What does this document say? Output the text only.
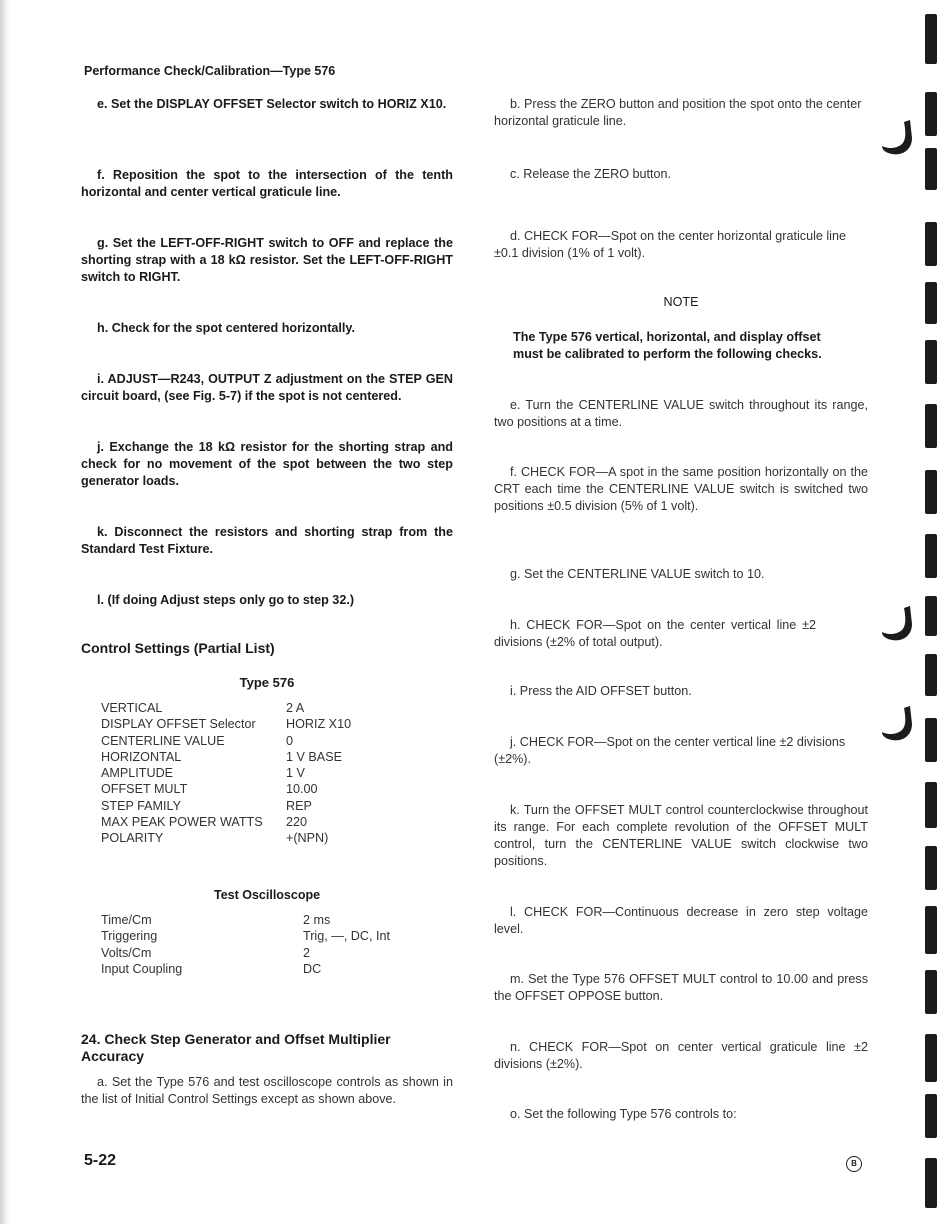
Performance Check/Calibration—Type 576

e. Set the DISPLAY OFFSET Selector switch to HORIZ X10.

f. Reposition the spot to the intersection of the tenth horizontal and center vertical graticule line.

g. Set the LEFT-OFF-RIGHT switch to OFF and replace the shorting strap with a 18 kΩ resistor. Set the LEFT-OFF-RIGHT switch to RIGHT.

h. Check for the spot centered horizontally.

i. ADJUST—R243, OUTPUT Z adjustment on the STEP GEN circuit board, (see Fig. 5-7) if the spot is not centered.

j. Exchange the 18 kΩ resistor for the shorting strap and check for no movement of the spot between the two step generator loads.

k. Disconnect the resistors and shorting strap from the Standard Test Fixture.

l. (If doing Adjust steps only go to step 32.)

Control Settings (Partial List)

Type 576

VERTICAL	2 A
DISPLAY OFFSET Selector	HORIZ X10
CENTERLINE VALUE	0
HORIZONTAL	1 V BASE
AMPLITUDE	1 V
OFFSET MULT	10.00
STEP FAMILY	REP
MAX PEAK POWER WATTS	220
POLARITY	+(NPN)

Test Oscilloscope

Time/Cm	2 ms
Triggering	Trig, —, DC, Int
Volts/Cm	2
Input Coupling	DC

24. Check Step Generator and Offset Multiplier Accuracy

a. Set the Type 576 and test oscilloscope controls as shown in the list of Initial Control Settings except as shown above.

b. Press the ZERO button and position the spot onto the center horizontal graticule line.

c. Release the ZERO button.

d. CHECK FOR—Spot on the center horizontal graticule line ±0.1 division (1% of 1 volt).

NOTE

The Type 576 vertical, horizontal, and display offset must be calibrated to perform the following checks.

e. Turn the CENTERLINE VALUE switch throughout its range, two positions at a time.

f. CHECK FOR—A spot in the same position horizontally on the CRT each time the CENTERLINE VALUE switch is switched two positions ±0.5 division (5% of 1 volt).

g. Set the CENTERLINE VALUE switch to 10.

h. CHECK FOR—Spot on the center vertical line ±2 divisions (±2% of total output).

i. Press the AID OFFSET button.

j. CHECK FOR—Spot on the center vertical line ±2 divisions (±2%).

k. Turn the OFFSET MULT control counterclockwise throughout its range. For each complete revolution of the OFFSET MULT control, turn the CENTERLINE VALUE switch clockwise two positions.

l. CHECK FOR—Continuous decrease in zero step voltage level.

m. Set the Type 576 OFFSET MULT control to 10.00 and press the OFFSET OPPOSE button.

n. CHECK FOR—Spot on center vertical graticule line ±2 divisions (±2%).

o. Set the following Type 576 controls to:

5-22	B
